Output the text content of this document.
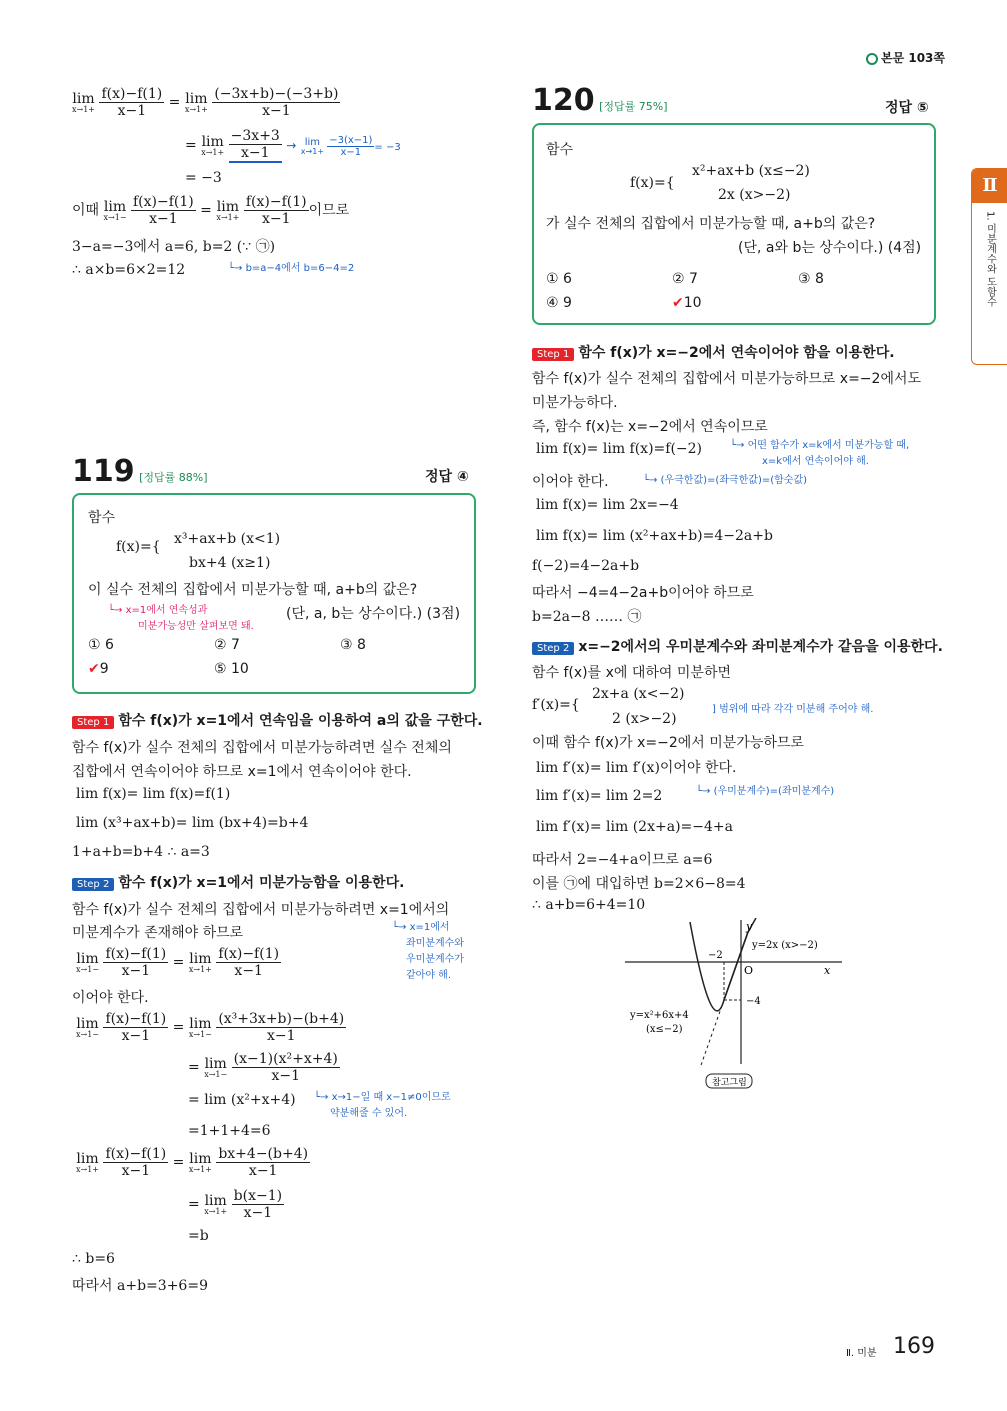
본문 103쪽
Ⅱ
1. 미분계수와 도함수
lim
x→1+
$\frac{f(x)-f(1)}{x-1} = \lim$
x→1+
$\frac{(-3x+b)-(-3+b)}{x-1}$
= lim
x→1+
$\frac{-3x+3}{x-1} \to \lim$
x→1+
$\frac{-3(x-1)}{x-1} = -3$
= −3
이때 lim
x→1−
$\frac{f(x)-f(1)}{x-1} = \lim$
x→1+
$\frac{f(x)-f(1)}{x-1}$ 이므로
3−a=−3에서 a=6, b=2 (∵ ㉠)
∴ a×b=6×2=12	└→ b=a−4에서 b=6−4=2
119 [정답률 88%]	정답 ④
함수
f(x)={ x³+ax+b (x<1)
bx+4 (x≥1)
이 실수 전체의 집합에서 미분가능할 때, a+b의 값은?
└→ x=1에서 연속성과
미분가능성만 살펴보면 돼.
(단, a, b는 상수이다.) (3점)
① 6	② 7	③ 8
✔9	⑤ 10
Step 1 함수 f(x)가 x=1에서 연속임을 이용하여 a의 값을 구한다.
함수 f(x)가 실수 전체의 집합에서 미분가능하려면 실수 전체의
집합에서 연속이어야 하므로 x=1에서 연속이어야 한다.
lim f(x)= lim f(x)=f(1)
lim (x³+ax+b)= lim (bx+4)=b+4
1+a+b=b+4 ∴ a=3
Step 2 함수 f(x)가 x=1에서 미분가능함을 이용한다.
함수 f(x)가 실수 전체의 집합에서 미분가능하려면 x=1에서의
미분계수가 존재해야 하므로	└→ x=1에서
좌미분계수와
우미분계수가
같아야 해.
lim
x→1−
$\frac{f(x)-f(1)}{x-1} = \lim$
x→1+
$\frac{f(x)-f(1)}{x-1}$
이어야 한다.
lim
x→1−
$\frac{f(x)-f(1)}{x-1} = \lim$
x→1−
$\frac{\text{(x³+3x+b)−(b+4)}}{x-1}$
= lim
x→1−
$\frac{\text{(x−1)(x²+x+4)}}{x-1}$
= lim (x²+x+4) └→ x→1−일 때 x−1≠0이므로
약분해줄 수 있어.
=1+1+4=6
lim
x→1+
$\frac{f(x)-f(1)}{x-1} = \lim$
x→1+
$\frac{bx+4-(b+4)}{x-1}$
= lim
x→1+
$\frac{b(x-1)}{x-1}$
=b
∴ b=6
따라서 a+b=3+6=9
120 [정답률 75%]	정답 ⑤
함수
f(x)={
x²+ax+b (x≤−2)
2x (x>−2)
가 실수 전체의 집합에서 미분가능할 때, a+b의 값은?
(단, a와 b는 상수이다.) (4점)
① 6	② 7	③ 8
④ 9	✔10
Step 1 함수 f(x)가 x=−2에서 연속이어야 함을 이용한다.
함수 f(x)가 실수 전체의 집합에서 미분가능하므로 x=−2에서도
미분가능하다.
즉, 함수 f(x)는 x=−2에서 연속이므로
└→ 어떤 함수가 x=k에서 미분가능할 때,
x=k에서 연속이어야 해.
lim f(x)= lim f(x)=f(−2)
└→ (우극한값)=(좌극한값)=(함숫값)
이어야 한다.
lim f(x)= lim 2x=−4
lim f(x)= lim (x²+ax+b)=4−2a+b
f(−2)=4−2a+b
따라서 −4=4−2a+b이어야 하므로
b=2a−8 …… ㉠
Step 2 x=−2에서의 우미분계수와 좌미분계수가 같음을 이용한다.
함수 f(x)를 x에 대하여 미분하면
f′(x)={
2x+a (x<−2)
2 (x>−2)
] 범위에 따라 각각 미분해 주어야 해.
이때 함수 f(x)가 x=−2에서 미분가능하므로
lim f′(x)= lim f′(x)이어야 한다.
lim f′(x)= lim 2=2	└→ (우미분계수)=(좌미분계수)
lim f′(x)= lim (2x+a)=−4+a
따라서 2=−4+a이므로 a=6
이를 ㉠에 대입하면 b=2×6−8=4
∴ a+b=6+4=10
y
x
O
−2
−4
y=2x (x>−2)
y=x²+6x+4
(x≤−2)
참고그림
Ⅱ. 미분 169
